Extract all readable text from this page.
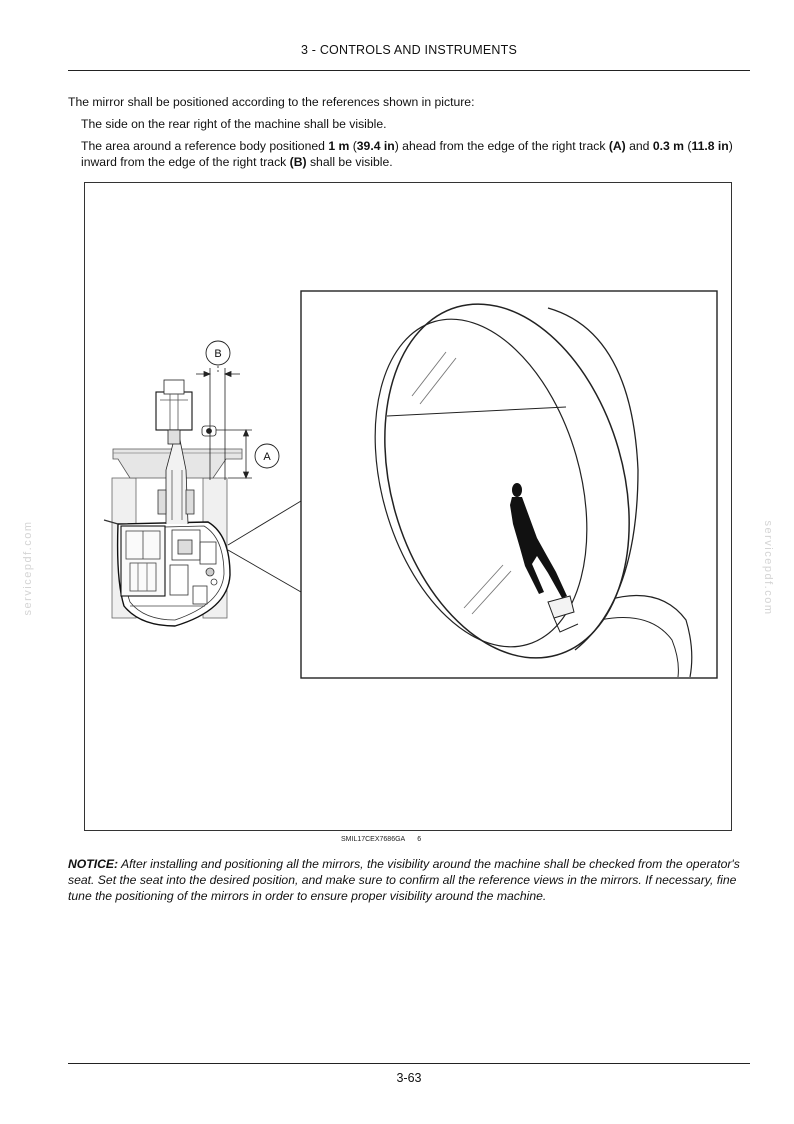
3 - CONTROLS AND INSTRUMENTS
The mirror shall be positioned according to the references shown in picture:
The side on the rear right of the machine shall be visible.
The area around a reference body positioned 1 m (39.4 in) ahead from the edge of the right track (A) and 0.3 m (11.8 in) inward from the edge of the right track (B) shall be visible.
B
A
SMIL17CEX7686GA 6
NOTICE: After installing and positioning all the mirrors, the visibility around the machine shall be checked from the operator's seat. Set the seat into the desired position, and make sure to confirm all the reference views in the mirrors. If necessary, fine tune the positioning of the mirrors in order to ensure proper visibility around the machine.
3-63
servicepdf.com	servicepdf.com
